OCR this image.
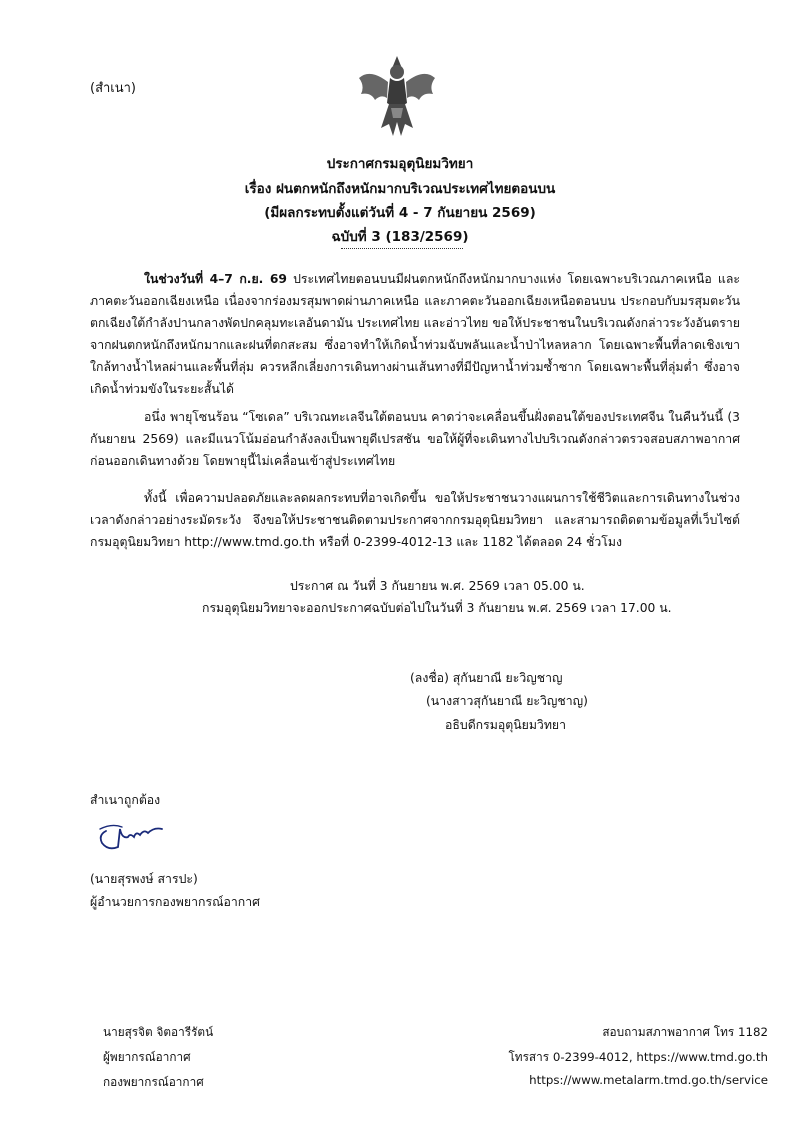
(สำเนา)
ประกาศกรมอุตุนิยมวิทยา
เรื่อง ฝนตกหนักถึงหนักมากบริเวณประเทศไทยตอนบน
(มีผลกระทบตั้งแต่วันที่ 4 - 7 กันยายน 2569)
ฉบับที่ 3 (183/2569)
ในช่วงวันที่ 4–7 ก.ย. 69 ประเทศไทยตอนบนมีฝนตกหนักถึงหนักมากบางแห่ง โดยเฉพาะบริเวณภาคเหนือ และภาคตะวันออกเฉียงเหนือ เนื่องจากร่องมรสุมพาดผ่านภาคเหนือ และภาคตะวันออกเฉียงเหนือตอนบน ประกอบกับมรสุมตะวันตกเฉียงใต้กำลังปานกลางพัดปกคลุมทะเลอันดามัน ประเทศไทย และอ่าวไทย ขอให้ประชาชนในบริเวณดังกล่าวระวังอันตรายจากฝนตกหนักถึงหนักมากและฝนที่ตกสะสม ซึ่งอาจทำให้เกิดน้ำท่วมฉับพลันและน้ำป่าไหลหลาก โดยเฉพาะพื้นที่ลาดเชิงเขาใกล้ทางน้ำไหลผ่านและพื้นที่ลุ่ม ควรหลีกเลี่ยงการเดินทางผ่านเส้นทางที่มีปัญหาน้ำท่วมซ้ำซาก โดยเฉพาะพื้นที่ลุ่มต่ำ ซึ่งอาจเกิดน้ำท่วมขังในระยะสั้นได้
อนึ่ง พายุโซนร้อน “โซเดล” บริเวณทะเลจีนใต้ตอนบน คาดว่าจะเคลื่อนขึ้นฝั่งตอนใต้ของประเทศจีน ในคืนวันนี้ (3 กันยายน 2569) และมีแนวโน้มอ่อนกำลังลงเป็นพายุดีเปรสชัน ขอให้ผู้ที่จะเดินทางไปบริเวณดังกล่าวตรวจสอบสภาพอากาศก่อนออกเดินทางด้วย โดยพายุนี้ไม่เคลื่อนเข้าสู่ประเทศไทย
ทั้งนี้ เพื่อความปลอดภัยและลดผลกระทบที่อาจเกิดขึ้น ขอให้ประชาชนวางแผนการใช้ชีวิตและการเดินทางในช่วงเวลาดังกล่าวอย่างระมัดระวัง จึงขอให้ประชาชนติดตามประกาศจากกรมอุตุนิยมวิทยา และสามารถติดตามข้อมูลที่เว็บไซต์กรมอุตุนิยมวิทยา http://www.tmd.go.th หรือที่ 0-2399-4012-13 และ 1182 ได้ตลอด 24 ชั่วโมง
ประกาศ ณ วันที่ 3 กันยายน พ.ศ. 2569 เวลา 05.00 น.
กรมอุตุนิยมวิทยาจะออกประกาศฉบับต่อไปในวันที่ 3 กันยายน พ.ศ. 2569 เวลา 17.00 น.
(ลงชื่อ) สุกันยาณี ยะวิญชาญ
(นางสาวสุกันยาณี ยะวิญชาญ)
อธิบดีกรมอุตุนิยมวิทยา
สำเนาถูกต้อง
(นายสุรพงษ์ สารปะ)
ผู้อำนวยการกองพยากรณ์อากาศ
นายสุรจิต จิตอารีรัตน์
ผู้พยากรณ์อากาศ
กองพยากรณ์อากาศ
สอบถามสภาพอากาศ โทร 1182
โทรสาร 0-2399-4012, https://www.tmd.go.th
https://www.metalarm.tmd.go.th/service
